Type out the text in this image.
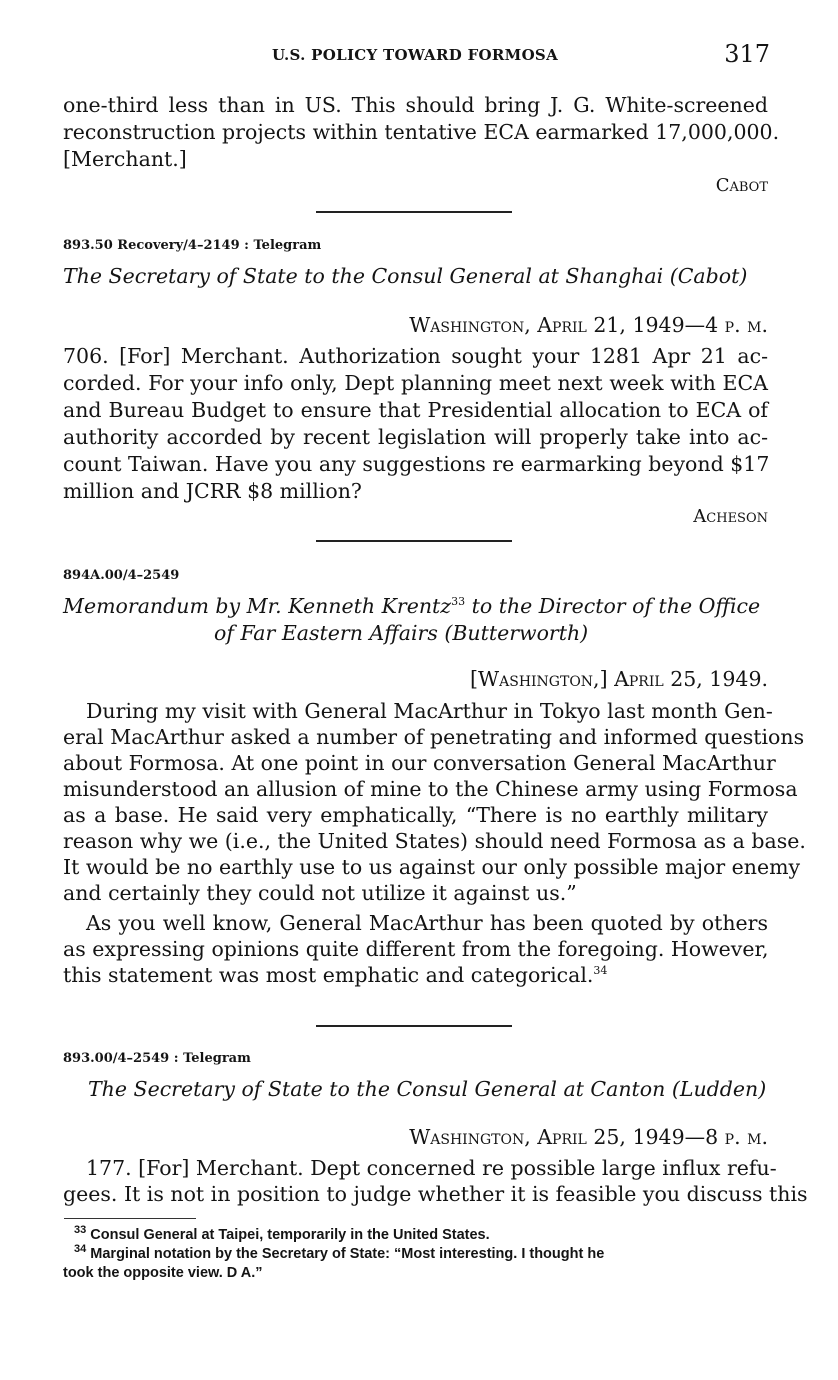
U.S. POLICY TOWARD FORMOSA	317
one-third less than in US. This should bring J. G. White-screened
reconstruction projects within tentative ECA earmarked 17,000,000.
[Merchant.]
Cabot
893.50 Recovery/4–2149 : Telegram
The Secretary of State to the Consul General at Shanghai (Cabot)
Washington, April 21, 1949—4 p. m.
706. [For] Merchant. Authorization sought your 1281 Apr 21 ac-
corded. For your info only, Dept planning meet next week with ECA
and Bureau Budget to ensure that Presidential allocation to ECA of
authority accorded by recent legislation will properly take into ac-
count Taiwan. Have you any suggestions re earmarking beyond $17
million and JCRR $8 million?
Acheson
894A.00/4–2549
Memorandum by Mr. Kenneth Krentz$^{33}$ to the Director of the Office
of Far Eastern Affairs (Butterworth)
[Washington,] April 25, 1949.
During my visit with General MacArthur in Tokyo last month Gen-
eral MacArthur asked a number of penetrating and informed questions
about Formosa. At one point in our conversation General MacArthur
misunderstood an allusion of mine to the Chinese army using Formosa
as a base. He said very emphatically, “There is no earthly military
reason why we (i.e., the United States) should need Formosa as a base.
It would be no earthly use to us against our only possible major enemy
and certainly they could not utilize it against us.”
As you well know, General MacArthur has been quoted by others
as expressing opinions quite different from the foregoing. However,
this statement was most emphatic and categorical.$^{34}$
893.00/4–2549 : Telegram
The Secretary of State to the Consul General at Canton (Ludden)
Washington, April 25, 1949—8 p. m.
177. [For] Merchant. Dept concerned re possible large influx refu-
gees. It is not in position to judge whether it is feasible you discuss this
$^{33}$ Consul General at Taipei, temporarily in the United States.
$^{34}$ Marginal notation by the Secretary of State: “Most interesting. I thought he
took the opposite view. D A.”
